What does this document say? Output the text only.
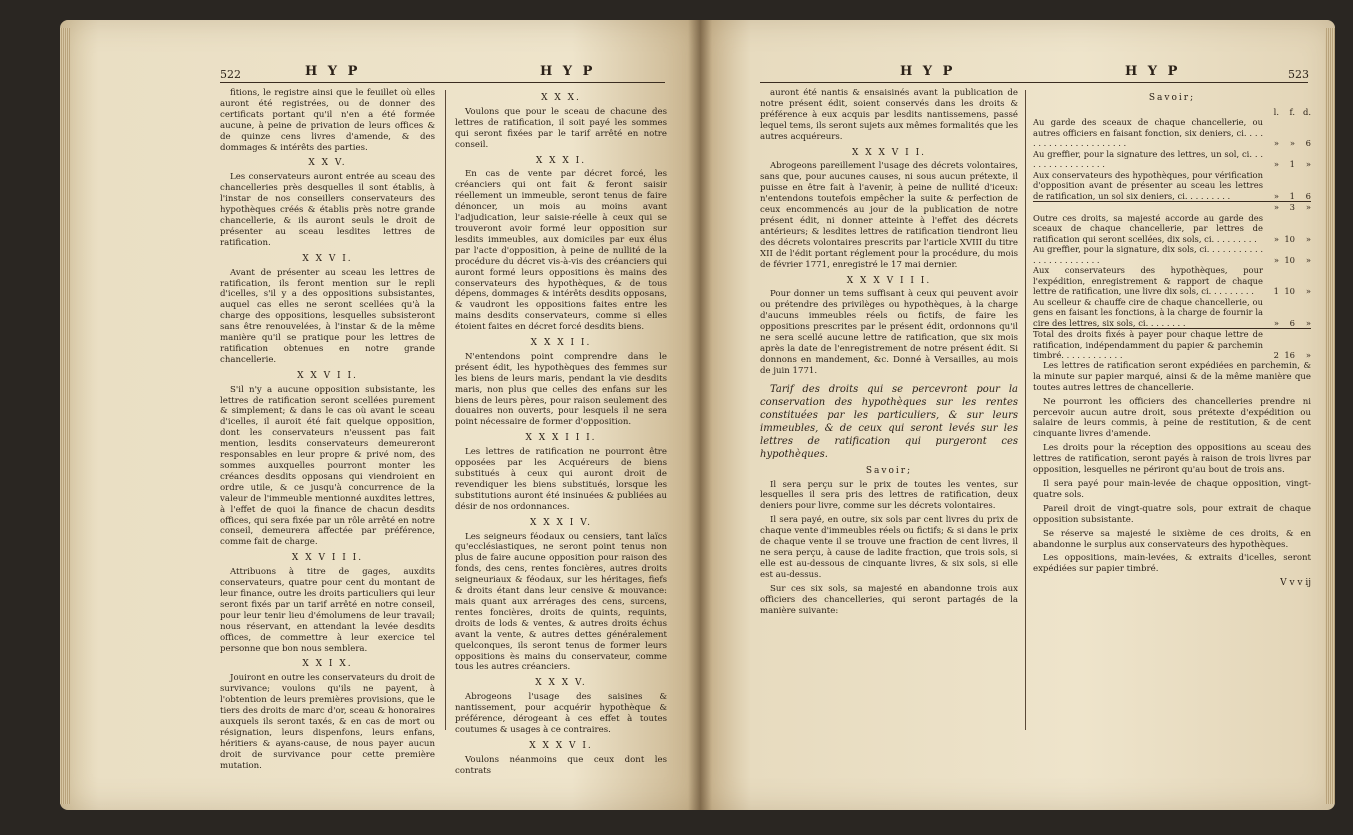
522	H Y P	H Y P

fitions, le registre ainsi que le feuillet où elles auront été registrées, ou de donner des certificats portant qu'il n'en a été formée aucune, à peine de privation de leurs offices & de quinze cens livres d'amende, & des dommages & intérêts des parties.

X X V.

Les conservateurs auront entrée au sceau des chancelleries près desquelles il sont établis, à l'instar de nos conseillers conservateurs des hypothèques créés & établis près notre grande chancellerie, & ils auront seuls le droit de présenter au sceau lesdites lettres de ratification.

X X V I.

Avant de présenter au sceau les lettres de ratification, ils feront mention sur le repli d'icelles, s'il y a des oppositions subsistantes, auquel cas elles ne seront scellées qu'à la charge des oppositions, lesquelles subsisteront sans être renouvelées, à l'instar & de la même manière qu'il se pratique pour les lettres de ratification obtenues en notre grande chancellerie.

X X V I I.

S'il n'y a aucune opposition subsistante, les lettres de ratification seront scellées purement & simplement; & dans le cas où avant le sceau d'icelles, il auroit été fait quelque opposition, dont les conservateurs n'eussent pas fait mention, lesdits conservateurs demeureront responsables en leur propre & privé nom, des sommes auxquelles pourront monter les créances desdits opposans qui viendroient en ordre utile, & ce jusqu'à concurrence de la valeur de l'immeuble mentionné auxdites lettres, à l'effet de quoi la finance de chacun desdits offices, qui sera fixée par un rôle arrêté en notre conseil, demeurera affectée par préférence, comme fait de charge.

X X V I I I.

Attribuons à titre de gages, auxdits conservateurs, quatre pour cent du montant de leur finance, outre les droits particuliers qui leur seront fixés par un tarif arrêté en notre conseil, pour leur tenir lieu d'émolumens de leur travail; nous réservant, en attendant la levée desdits offices, de commettre à leur exercice tel personne que bon nous semblera.

X X I X.

Jouiront en outre les conservateurs du droit de survivance; voulons qu'ils ne payent, à l'obtention de leurs premières provisions, que le tiers des droits de marc d'or, sceau & honoraires auxquels ils seront taxés, & en cas de mort ou résignation, leurs dispenfons, leurs enfans, héritiers & ayans-cause, de nous payer aucun droit de survivance pour cette première mutation.

X X X.

Voulons que pour le sceau de chacune des lettres de ratification, il soit payé les sommes qui seront fixées par le tarif arrêté en notre conseil.

X X X I.

En cas de vente par décret forcé, les créanciers qui ont fait & feront saisir réellement un immeuble, seront tenus de faire dénoncer, un mois au moins avant l'adjudication, leur saisie-réelle à ceux qui se trouveront avoir formé leur opposition sur lesdits immeubles, aux domiciles par eux élus par l'acte d'opposition, à peine de nullité de la procédure du décret vis-à-vis des créanciers qui auront formé leurs oppositions ès mains des conservateurs des hypothèques, & de tous dépens, dommages & intérêts desdits opposans, & vaudront les oppositions faites entre les mains desdits conservateurs, comme si elles étoient faites en décret forcé desdits biens.

X X X I I.

N'entendons point comprendre dans le présent édit, les hypothèques des femmes sur les biens de leurs maris, pendant la vie desdits maris, non plus que celles des enfans sur les biens de leurs pères, pour raison seulement des douaires non ouverts, pour lesquels il ne sera point nécessaire de former d'opposition.

X X X I I I.

Les lettres de ratification ne pourront être opposées par les Acquéreurs de biens substitués à ceux qui auront droit de revendiquer les biens substitués, lorsque les substitutions auront été insinuées & publiées au désir de nos ordonnances.

X X X I V.

Les seigneurs féodaux ou censiers, tant laïcs qu'ecclésiastiques, ne seront point tenus non plus de faire aucune opposition pour raison des fonds, des cens, rentes foncières, autres droits seigneuriaux & féodaux, sur les héritages, fiefs & droits étant dans leur censive & mouvance: mais quant aux arrérages des cens, surcens, rentes foncières, droits de quints, requints, droits de lods & ventes, & autres droits échus avant la vente, & autres dettes généralement quelconques, ils seront tenus de former leurs oppositions ès mains du conservateur, comme tous les autres créanciers.

X X X V.

Abrogeons l'usage des saisines & nantissement, pour acquérir hypothèque & préférence, dérogeant à ces effet à toutes coutumes & usages à ce contraires.

X X X V I.

Voulons néanmoins que ceux dont les contrats

H Y P	H Y P	523

auront été nantis & ensaisinés avant la publication de notre présent édit, soient conservés dans les droits & préférence à eux acquis par lesdits nantissemens, passé lequel tems, ils seront sujets aux mêmes formalités que les autres acquéreurs.

X X X V I I.

Abrogeons pareillement l'usage des décrets volontaires, sans que, pour aucunes causes, ni sous aucun prétexte, il puisse en être fait à l'avenir, à peine de nullité d'iceux: n'entendons toutefois empêcher la suite & perfection de ceux encommencés au jour de la publication de notre présent édit, ni donner atteinte à l'effet des décrets antérieurs; & lesdites lettres de ratification tiendront lieu des décrets volontaires prescrits par l'article XVIII du titre XII de l'édit portant réglement pour la procédure, du mois de février 1771, enregistré le 17 mai dernier.

X X X V I I I.

Pour donner un tems suffisant à ceux qui peuvent avoir ou prétendre des privilèges ou hypothèques, à la charge d'aucuns immeubles réels ou fictifs, de faire les oppositions prescrites par le présent édit, ordonnons qu'il ne sera scellé aucune lettre de ratification, que six mois après la date de l'enregistrement de notre présent édit. Si donnons en mandement, &c. Donné à Versailles, au mois de juin 1771.

Tarif des droits qui se percevront pour la conservation des hypothèques sur les rentes constituées par les particuliers, & sur leurs immeubles, & de ceux qui seront levés sur les lettres de ratification qui purgeront ces hypothèques.

Savoir;

Il sera perçu sur le prix de toutes les ventes, sur lesquelles il sera pris des lettres de ratification, deux deniers pour livre, comme sur les décrets volontaires.

Il sera payé, en outre, six sols par cent livres du prix de chaque vente d'immeubles réels ou fictifs; & si dans le prix de chaque vente il se trouve une fraction de cent livres, il ne sera perçu, à cause de ladite fraction, que trois sols, si elle est au-dessous de cinquante livres, & six sols, si elle est au-dessus.

Sur ces six sols, sa majesté en abandonne trois aux officiers des chancelleries, qui seront partagés de la manière suivante:

Savoir;
	l.	f.	d.
Au garde des sceaux de chaque chancellerie, ou autres officiers en faisant fonction, six deniers, ci. . . . . . . . . . . . . . . . . . . . . .	»	»	6
Au greffier, pour la signature des lettres, un sol, ci. . . . . . . . . . . . . . . . .	»	1	»
Aux conservateurs des hypothèques, pour vérification d'opposition avant de présenter au sceau les lettres de ratification, un sol six deniers, ci. . . . . . . . .	»	1	6
	»	3	»
Outre ces droits, sa majesté accorde au garde des sceaux de chaque chancellerie, par lettres de ratification qui seront scellées, dix sols, ci. . . . . . . . .	»	10	»
Au greffier, pour la signature, dix sols, ci. . . . . . . . . . . . . . . . . . . . . . . .	»	10	»
Aux conservateurs des hypothèques, pour l'expédition, enregistrement & rapport de chaque lettre de ratification, une livre dix sols, ci. . . . . . . . .	1	10	»
Au scelleur & chauffe cire de chaque chancellerie, ou gens en faisant les fonctions, à la charge de fournir la cire des lettres, six sols, ci. . . . . . . .	»	6	»
Total des droits fixés à payer pour chaque lettre de ratification, indépendamment du papier & parchemin timbré. . . . . . . . . . . .	2	16	»

Les lettres de ratification seront expédiées en parchemin, & la minute sur papier marqué, ainsi & de la même manière que toutes autres lettres de chancellerie.

Ne pourront les officiers des chancelleries prendre ni percevoir aucun autre droit, sous prétexte d'expédition ou salaire de leurs commis, à peine de restitution, & de cent cinquante livres d'amende.

Les droits pour la réception des oppositions au sceau des lettres de ratification, seront payés à raison de trois livres par opposition, lesquelles ne périront qu'au bout de trois ans.

Il sera payé pour main-levée de chaque opposition, vingt-quatre sols.

Pareil droit de vingt-quatre sols, pour extrait de chaque opposition subsistante.

Se réserve sa majesté le sixième de ces droits, & en abandonne le surplus aux conservateurs des hypothèques.

Les oppositions, main-levées, & extraits d'icelles, seront expédiées sur papier timbré.

V v v ij
